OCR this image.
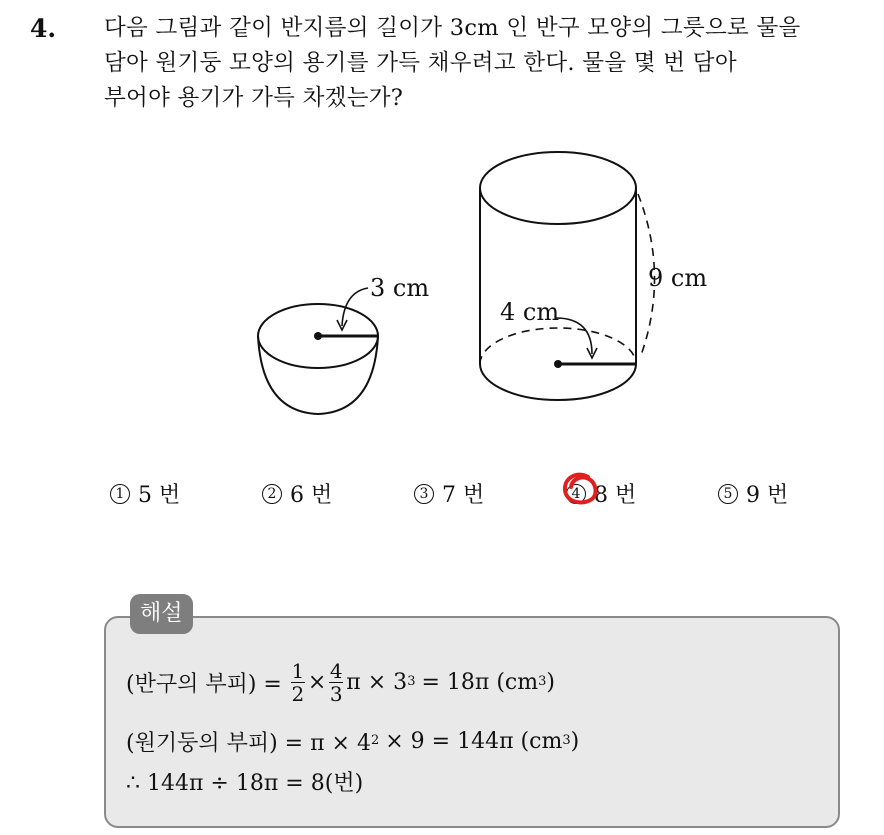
4. 다음 그림과 같이 반지름의 길이가 3cm 인 반구 모양의 그릇으로 물을
담아 원기둥 모양의 용기를 가득 채우려고 한다. 물을 몇 번 담아
부어야 용기가 가득 차겠는가?
3 cm
4 cm
9 cm
1 5 번	2 6 번	3 7 번	4 8 번	5 9 번
해설
(반구의 부피) = $\frac{1}{2} \times \frac{4}{3}$ π × 3 3 = 18π (cm 3 )
(원기둥의 부피) = π × 4 2 × 9 = 144π (cm 3 )
∴ 144π ÷ 18π = 8(번)
